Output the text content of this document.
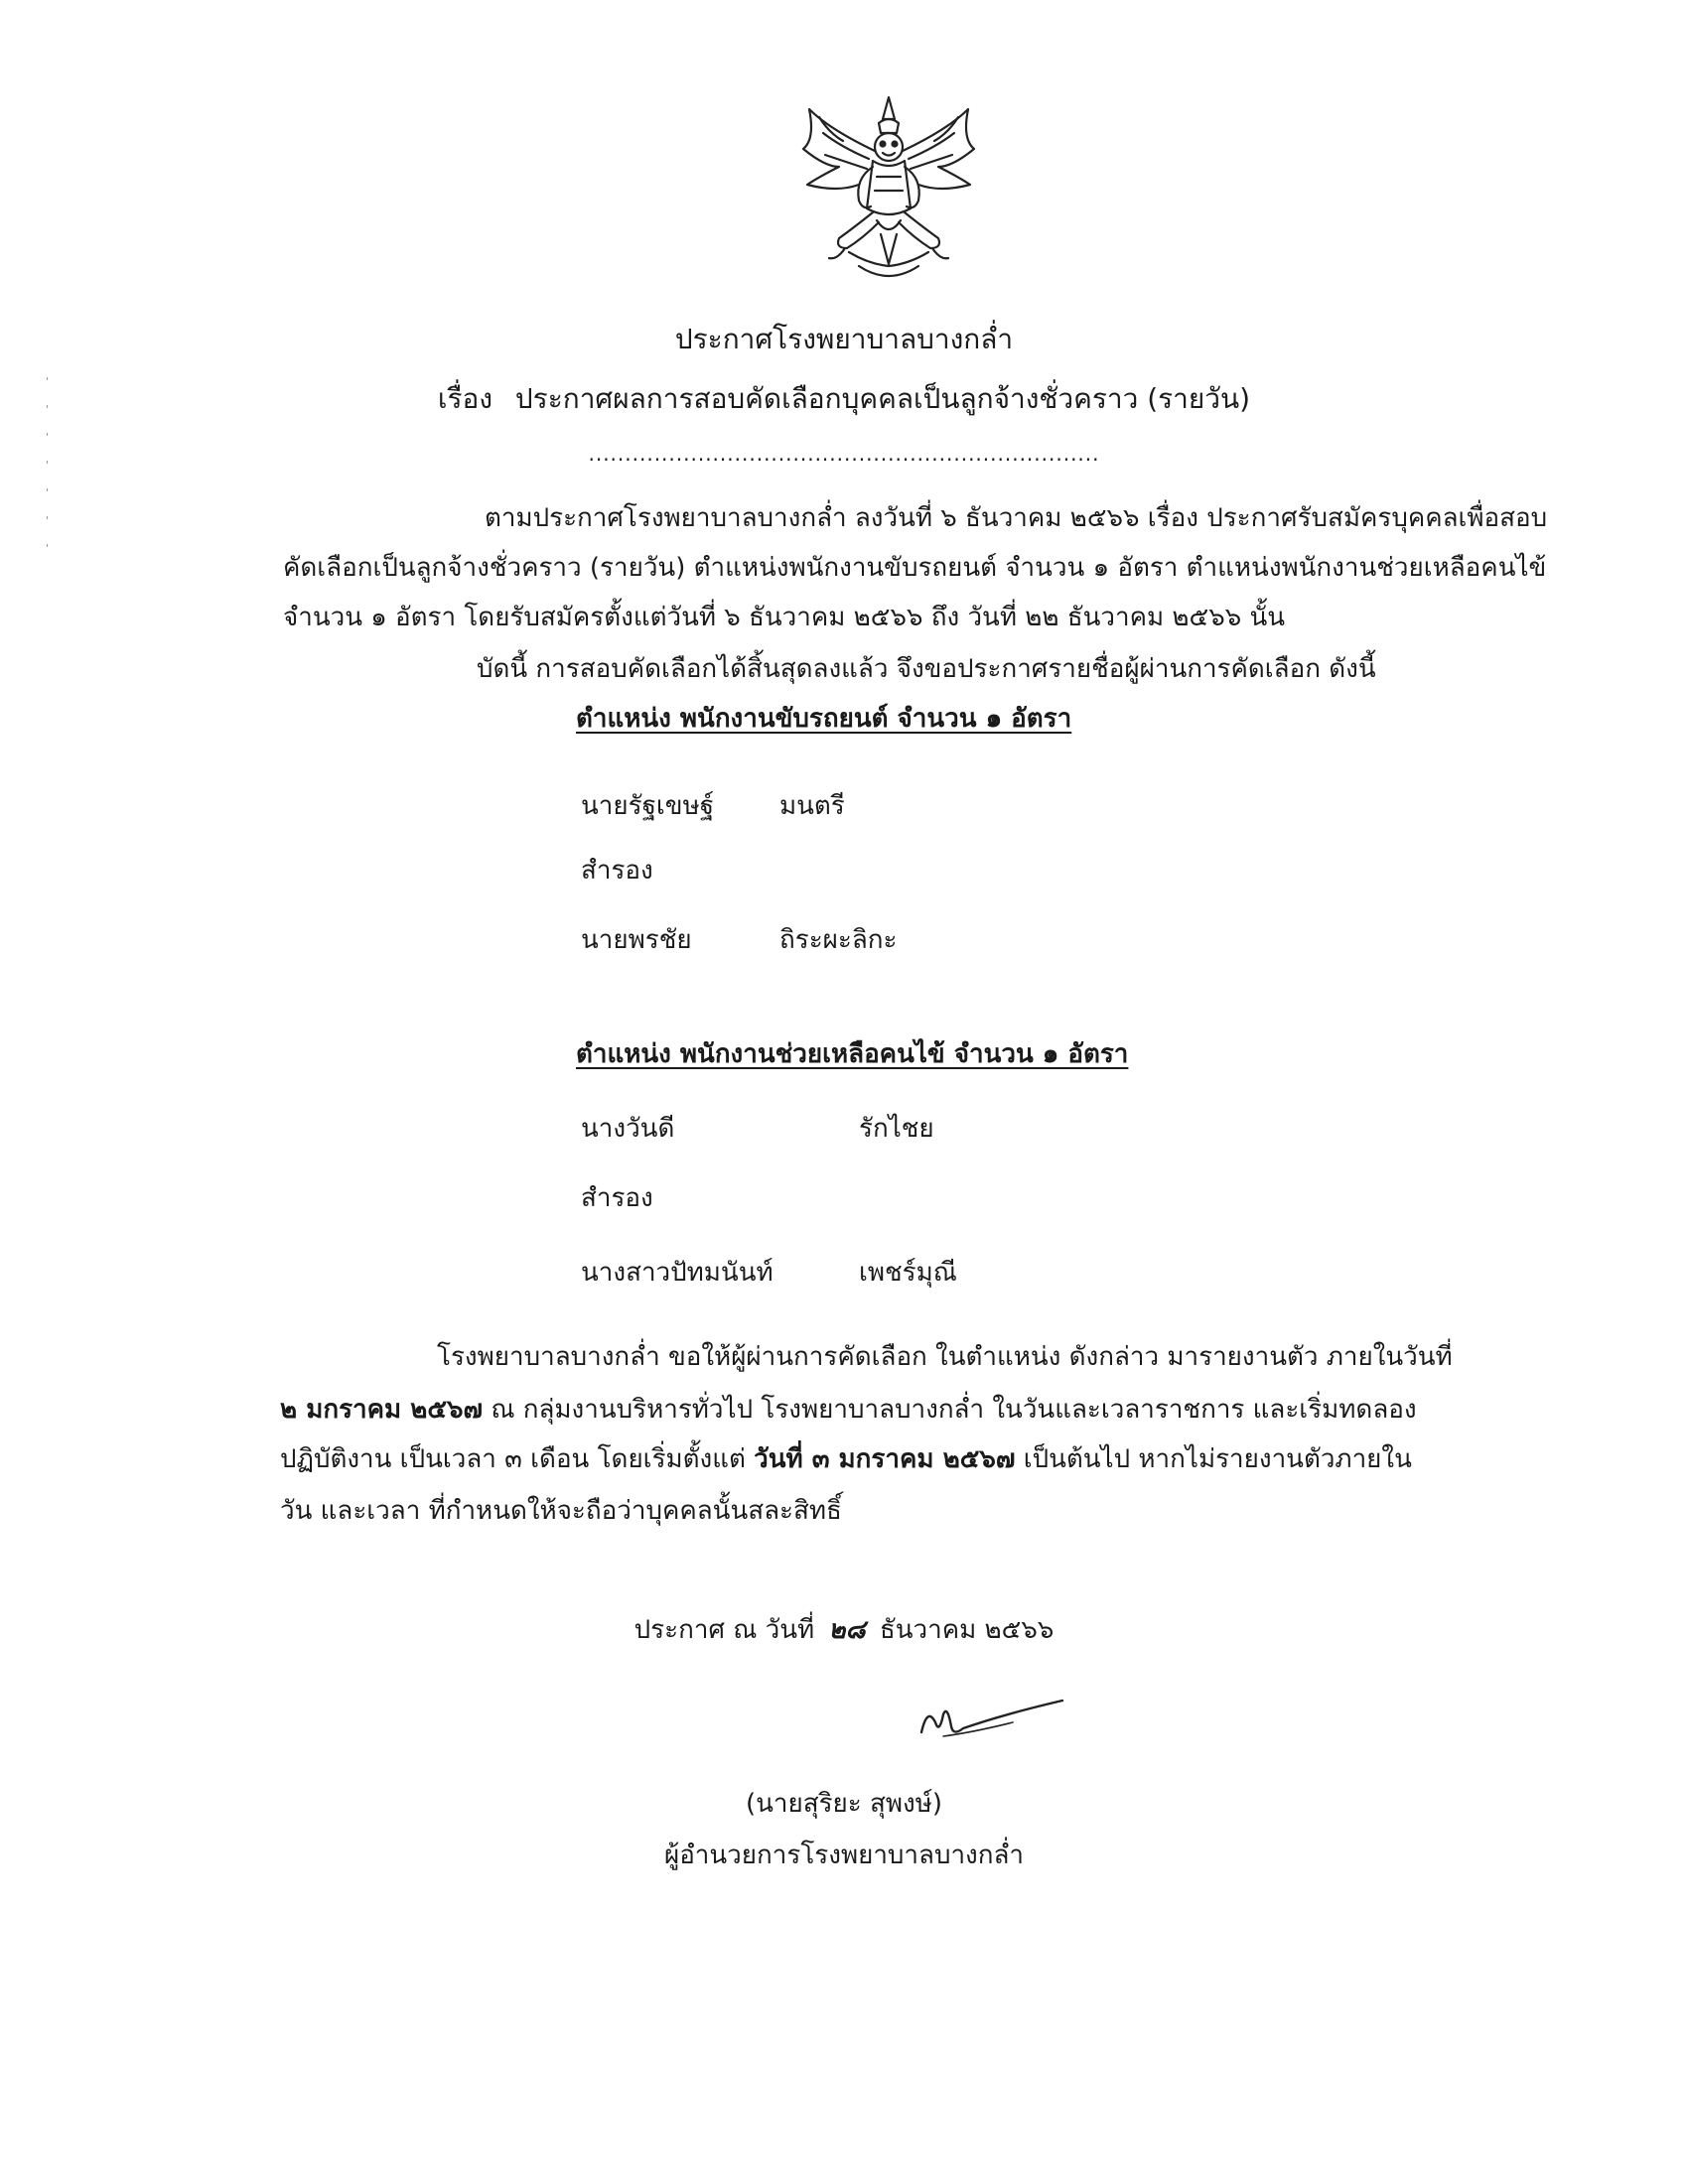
ประกาศโรงพยาบาลบางกล่ำ
เรื่อง ประกาศผลการสอบคัดเลือกบุคคลเป็นลูกจ้างชั่วคราว (รายวัน)
......................................................................
ตามประกาศโรงพยาบาลบางกล่ำ ลงวันที่ ๖ ธันวาคม ๒๕๖๖ เรื่อง ประกาศรับสมัครบุคคลเพื่อสอบ
คัดเลือกเป็นลูกจ้างชั่วคราว (รายวัน) ตำแหน่งพนักงานขับรถยนต์ จำนวน ๑ อัตรา ตำแหน่งพนักงานช่วยเหลือคนไข้
จำนวน ๑ อัตรา โดยรับสมัครตั้งแต่วันที่ ๖ ธันวาคม ๒๕๖๖ ถึง วันที่ ๒๒ ธันวาคม ๒๕๖๖ นั้น
บัดนี้ การสอบคัดเลือกได้สิ้นสุดลงแล้ว จึงขอประกาศรายชื่อผู้ผ่านการคัดเลือก ดังนี้
ตำแหน่ง พนักงานขับรถยนต์ จำนวน ๑ อัตรา
นายรัฐเขษฐ์	มนตรี
สำรอง
นายพรชัย	ถิระผะลิกะ
ตำแหน่ง พนักงานช่วยเหลือคนไข้ จำนวน ๑ อัตรา
นางวันดี	รักไชย
สำรอง
นางสาวปัทมนันท์	เพชร์มุณี
โรงพยาบาลบางกล่ำ ขอให้ผู้ผ่านการคัดเลือก ในตำแหน่ง ดังกล่าว มารายงานตัว ภายในวันที่
๒ มกราคม ๒๕๖๗ ณ กลุ่มงานบริหารทั่วไป โรงพยาบาลบางกล่ำ ในวันและเวลาราชการ และเริ่มทดลอง
ปฏิบัติงาน เป็นเวลา ๓ เดือน โดยเริ่มตั้งแต่ วันที่ ๓ มกราคม ๒๕๖๗ เป็นต้นไป หากไม่รายงานตัวภายใน
วัน และเวลา ที่กำหนดให้จะถือว่าบุคคลนั้นสละสิทธิ์
ประกาศ ณ วันที่ ๒๘ ธันวาคม ๒๕๖๖
(นายสุริยะ สุพงษ์)
ผู้อำนวยการโรงพยาบาลบางกล่ำ
